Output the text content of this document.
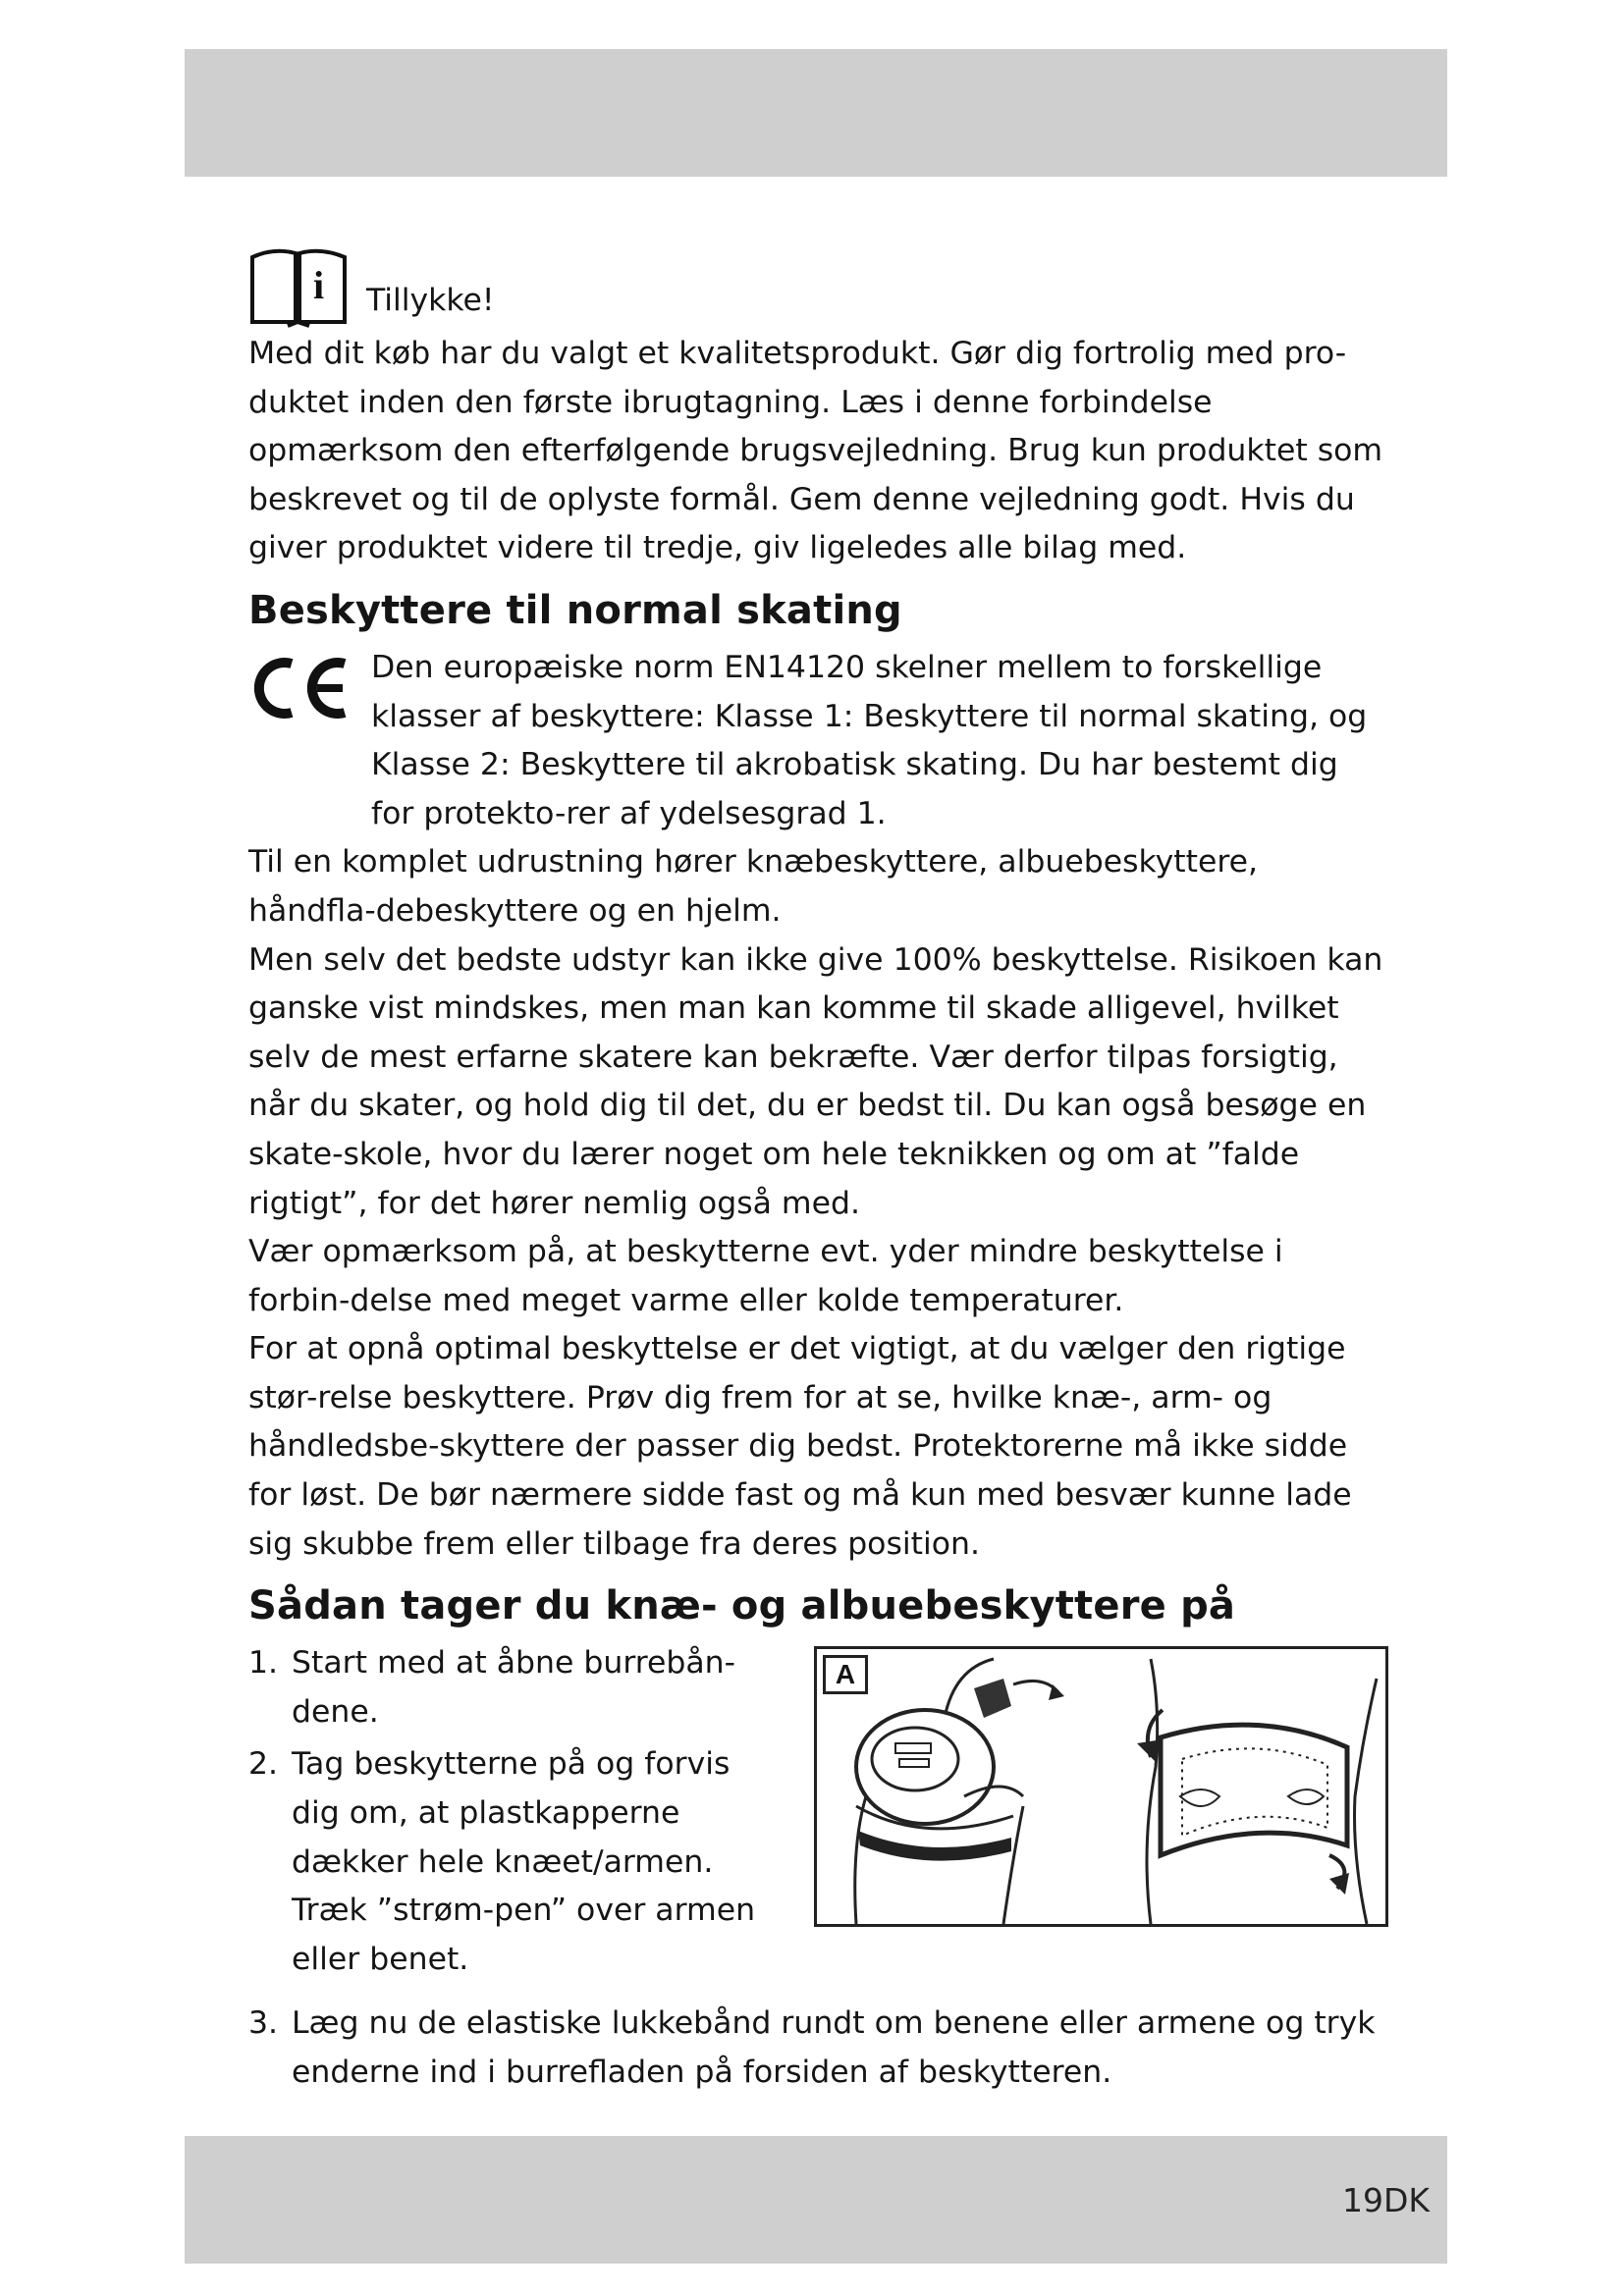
i Tillykke!

Med dit køb har du valgt et kvalitetsprodukt. Gør dig fortrolig med pro-duktet inden den første ibrugtagning. Læs i denne forbindelse opmærksom den efterfølgende brugsvejledning. Brug kun produktet som beskrevet og til de oplyste formål. Gem denne vejledning godt. Hvis du giver produktet videre til tredje, giv ligeledes alle bilag med.

Beskyttere til normal skating

Den europæiske norm EN14120 skelner mellem to forskellige klasser af beskyttere: Klasse 1: Beskyttere til normal skating, og Klasse 2: Beskyttere til akrobatisk skating. Du har bestemt dig for protekto-rer af ydelsesgrad 1.

Til en komplet udrustning hører knæbeskyttere, albuebeskyttere, håndfla-debeskyttere og en hjelm.

Men selv det bedste udstyr kan ikke give 100% beskyttelse. Risikoen kan ganske vist mindskes, men man kan komme til skade alligevel, hvilket selv de mest erfarne skatere kan bekræfte. Vær derfor tilpas forsigtig, når du skater, og hold dig til det, du er bedst til. Du kan også besøge en skate-skole, hvor du lærer noget om hele teknikken og om at ”falde rigtigt”, for det hører nemlig også med.

Vær opmærksom på, at beskytterne evt. yder mindre beskyttelse i forbin-delse med meget varme eller kolde temperaturer.

For at opnå optimal beskyttelse er det vigtigt, at du vælger den rigtige stør-relse beskyttere. Prøv dig frem for at se, hvilke knæ-, arm- og håndledsbe-skyttere der passer dig bedst. Protektorerne må ikke sidde for løst. De bør nærmere sidde fast og må kun med besvær kunne lade sig skubbe frem eller tilbage fra deres position.

Sådan tager du knæ- og albuebeskyttere på
1. Start med at åbne burrebån-dene.
2. Tag beskytterne på og forvis dig om, at plastkapperne dækker hele knæet/armen. Træk ”strøm-pen” over armen eller benet.
3. Læg nu de elastiske lukkebånd rundt om benene eller armene og tryk enderne ind i burrefladen på forsiden af beskytteren.
A
19DK
